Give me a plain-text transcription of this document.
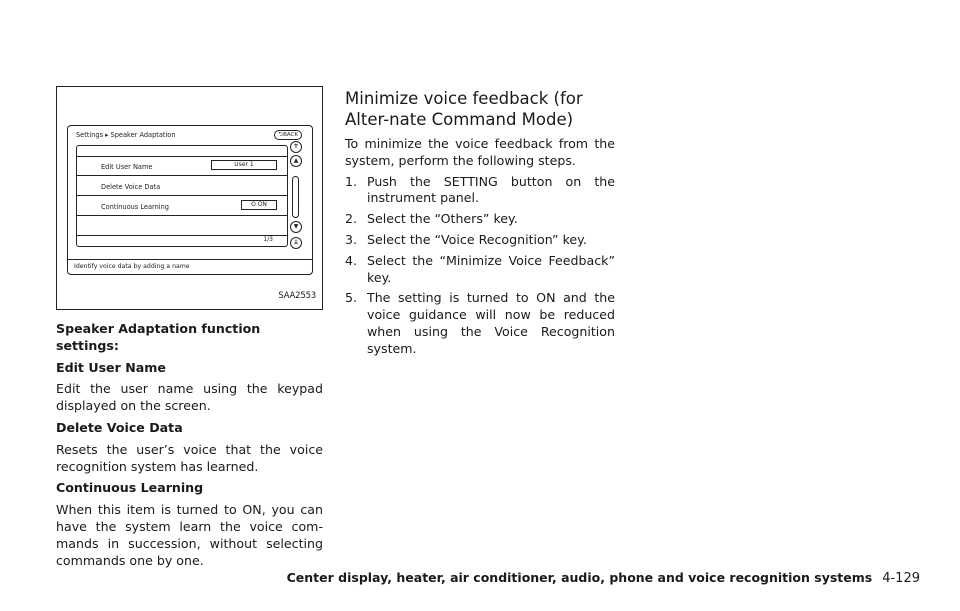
Settings ▸ Speaker Adaptation	⮌BACK
Edit User Name	User 1
Delete Voice Data
Continuous Learning	O ON
1/3
⇈
▲
▼
⇊
Identify voice data by adding a name
SAA2553
Speaker Adaptation function settings:
Edit User Name

Edit the user name using the keypad displayed on the screen.

Delete Voice Data

Resets the user’s voice that the voice recognition system has learned.

Continuous Learning

When this item is turned to ON, you can have the system learn the voice com-mands in succession, without selecting commands one by one.

Minimize voice feedback (for Alter-nate Command Mode)

To minimize the voice feedback from the system, perform the following steps.

1. Push the SETTING button on the instrument panel.
2. Select the “Others” key.
3. Select the “Voice Recognition” key.
4. Select the “Minimize Voice Feedback” key.
5. The setting is turned to ON and the voice guidance will now be reduced when using the Voice Recognition system.
Center display, heater, air conditioner, audio, phone and voice recognition systems 4-129
